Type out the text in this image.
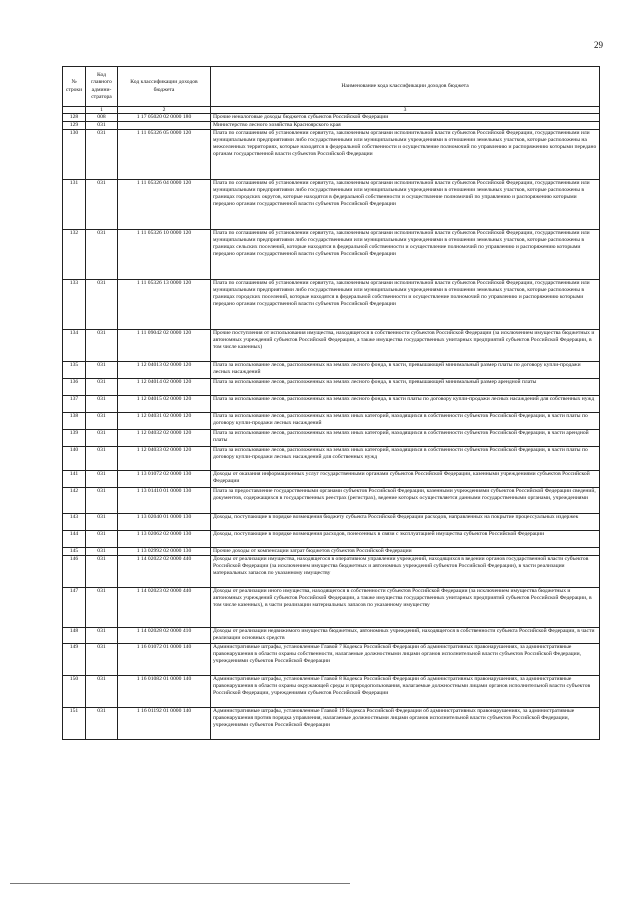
29
№ строки	Код главного админи-стратора	Код классификации доходов бюджета	Наименование кода классификации доходов бюджета
	1	2	3
128	008	1 17 05020 02 0000 180	Прочие неналоговые доходы бюджетов субъектов Российской Федерации
129	031		Министерство лесного хозяйства Красноярского края
130	031	1 11 05326 05 0000 120	Плата по соглашениям об установлении сервитута, заключенным органами исполнительной власти субъектов Российской Федерации, государственными или муниципальными предприятиями либо государственными или муниципальными учреждениями в отношении земельных участков, которые расположены на межселенных территориях, которые находятся в федеральной собственности и осуществление полномочий по управлению и распоряжению которыми передано органам государственной власти субъектов Российской Федерации
131	031	1 11 05326 04 0000 120	Плата по соглашениям об установлении сервитута, заключенным органами исполнительной власти субъектов Российской Федерации, государственными или муниципальными предприятиями либо государственными или муниципальными учреждениями в отношении земельных участков, которые расположены в границах городских округов, которые находятся в федеральной собственности и осуществление полномочий по управлению и распоряжению которыми передано органам государственной власти субъектов Российской Федерации
132	031	1 11 05326 10 0000 120	Плата по соглашениям об установлении сервитута, заключенным органами исполнительной власти субъектов Российской Федерации, государственными или муниципальными предприятиями либо государственными или муниципальными учреждениями в отношении земельных участков, которые расположены в границах сельских поселений, которые находятся в федеральной собственности и осуществление полномочий по управлению и распоряжению которыми передано органам государственной власти субъектов Российской Федерации
133	031	1 11 05326 13 0000 120	Плата по соглашениям об установлении сервитута, заключенным органами исполнительной власти субъектов Российской Федерации, государственными или муниципальными предприятиями либо государственными или муниципальными учреждениями в отношении земельных участков, которые расположены в границах городских поселений, которые находятся в федеральной собственности и осуществление полномочий по управлению и распоряжению которыми передано органам государственной власти субъектов Российской Федерации
134	031	1 11 09042 02 0000 120	Прочие поступления от использования имущества, находящегося в собственности субъектов Российской Федерации (за исключением имущества бюджетных и автономных учреждений субъектов Российской Федерации, а также имущества государственных унитарных предприятий субъектов Российской Федерации, в том числе казенных)
135	031	1 12 04013 02 0000 120	Плата за использование лесов, расположенных на землях лесного фонда, в части, превышающей минимальный размер платы по договору купли-продажи лесных насаждений
136	031	1 12 04014 02 0000 120	Плата за использование лесов, расположенных на землях лесного фонда, в части, превышающей минимальный размер арендной платы
137	031	1 12 04015 02 0000 120	Плата за использование лесов, расположенных на землях лесного фонда, в части платы по договору купли-продажи лесных насаждений для собственных нужд
138	031	1 12 04031 02 0000 120	Плата за использование лесов, расположенных на землях иных категорий, находящихся в собственности субъектов Российской Федерации, в части платы по договору купли-продажи лесных насаждений
139	031	1 12 04032 02 0000 120	Плата за использование лесов, расположенных на землях иных категорий, находящихся в собственности субъектов Российской Федерации, в части арендной платы
140	031	1 12 04033 02 0000 120	Плата за использование лесов, расположенных на землях иных категорий, находящихся в собственности субъектов Российской Федерации, в части платы по договору купли-продажи лесных насаждений для собственных нужд
141	031	1 13 01072 02 0000 130	Доходы от оказания информационных услуг государственными органами субъектов Российской Федерации, казенными учреждениями субъектов Российской Федерации
142	031	1 13 01410 01 0000 130	Плата за предоставление государственными органами субъектов Российской Федерации, казенными учреждениями субъектов Российской Федерации сведений, документов, содержащихся в государственных реестрах (регистрах), ведение которых осуществляется данными государственными органами, учреждениями
143	031	1 13 02040 01 0000 130	Доходы, поступающие в порядке возмещения бюджету субъекта Российской Федерации расходов, направленных на покрытие процессуальных издержек
144	031	1 13 02062 02 0000 130	Доходы, поступающие в порядке возмещения расходов, понесенных в связи с эксплуатацией имущества субъектов Российской Федерации
145	031	1 13 02992 02 0000 130	Прочие доходы от компенсации затрат бюджетов субъектов Российской Федерации
146	031	1 14 02022 02 0000 440	Доходы от реализации имущества, находящегося в оперативном управлении учреждений, находящихся в ведении органов государственной власти субъектов Российской Федерации (за исключением имущества бюджетных и автономных учреждений субъектов Российской Федерации), в части реализации материальных запасов по указанному имуществу
147	031	1 14 02023 02 0000 440	Доходы от реализации иного имущества, находящегося в собственности субъектов Российской Федерации (за исключением имущества бюджетных и автономных учреждений субъектов Российской Федерации, а также имущества государственных унитарных предприятий субъектов Российской Федерации, в том числе казенных), в части реализации материальных запасов по указанному имуществу
148	031	1 14 02028 02 0000 410	Доходы от реализации недвижимого имущества бюджетных, автономных учреждений, находящегося в собственности субъекта Российской Федерации, в части реализации основных средств
149	031	1 16 01072 01 0000 140	Административные штрафы, установленные Главой 7 Кодекса Российской Федерации об административных правонарушениях, за административные правонарушения в области охраны собственности, налагаемые должностными лицами органов исполнительной власти субъектов Российской Федерации, учреждениями субъектов Российской Федерации
150	031	1 16 01082 01 0000 140	Административные штрафы, установленные Главой 8 Кодекса Российской Федерации об административных правонарушениях, за административные правонарушения в области охраны окружающей среды и природопользования, налагаемые должностными лицами органов исполнительной власти субъектов Российской Федерации, учреждениями субъектов Российской Федерации
151	031	1 16 01192 01 0000 140	Административные штрафы, установленные Главой 19 Кодекса Российской Федерации об административных правонарушениях, за административные правонарушения против порядка управления, налагаемые должностными лицами органов исполнительной власти субъектов Российской Федерации, учреждениями субъектов Российской Федерации
